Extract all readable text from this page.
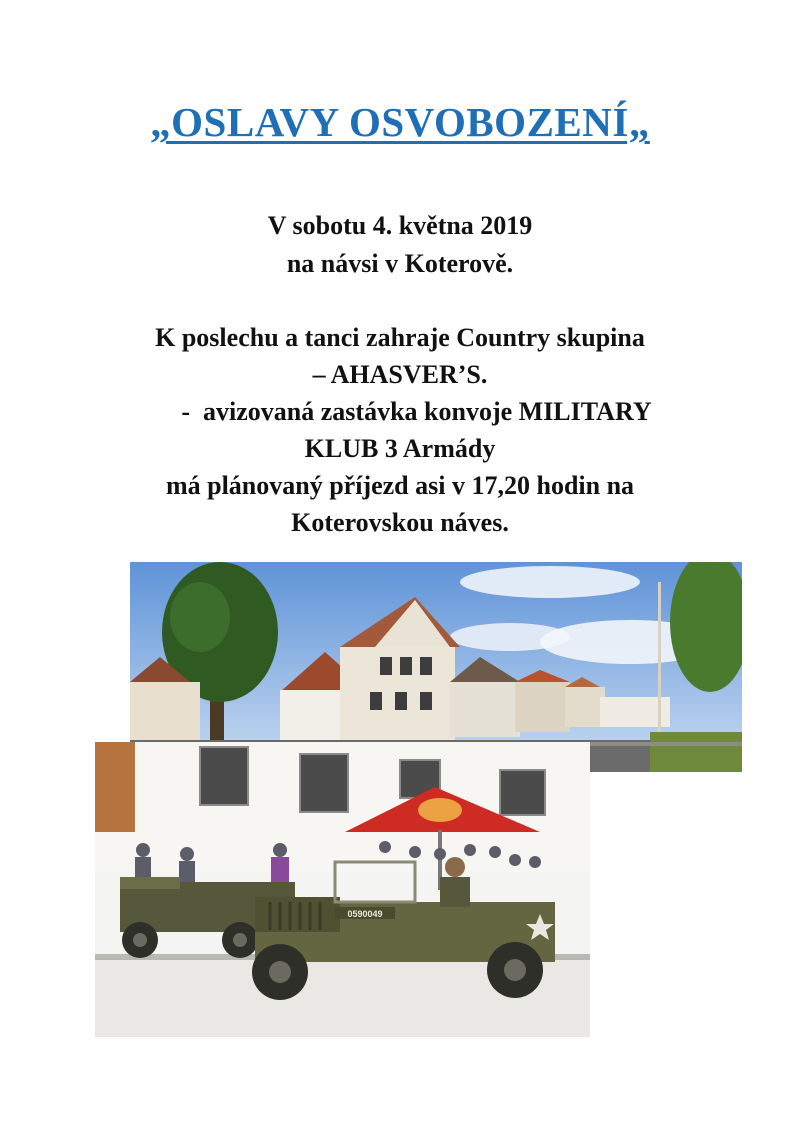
„OSLAVY OSVOBOZENÍ„
V sobotu 4. května 2019
na návsi v Koterově.
K poslechu a tanci zahraje Country skupina
– AHASVER’S.
-  avizovaná zastávka konvoje MILITARY
KLUB 3 Armády
má plánovaný příjezd asi v 17,20 hodin na
Koterovskou náves.
0590049
